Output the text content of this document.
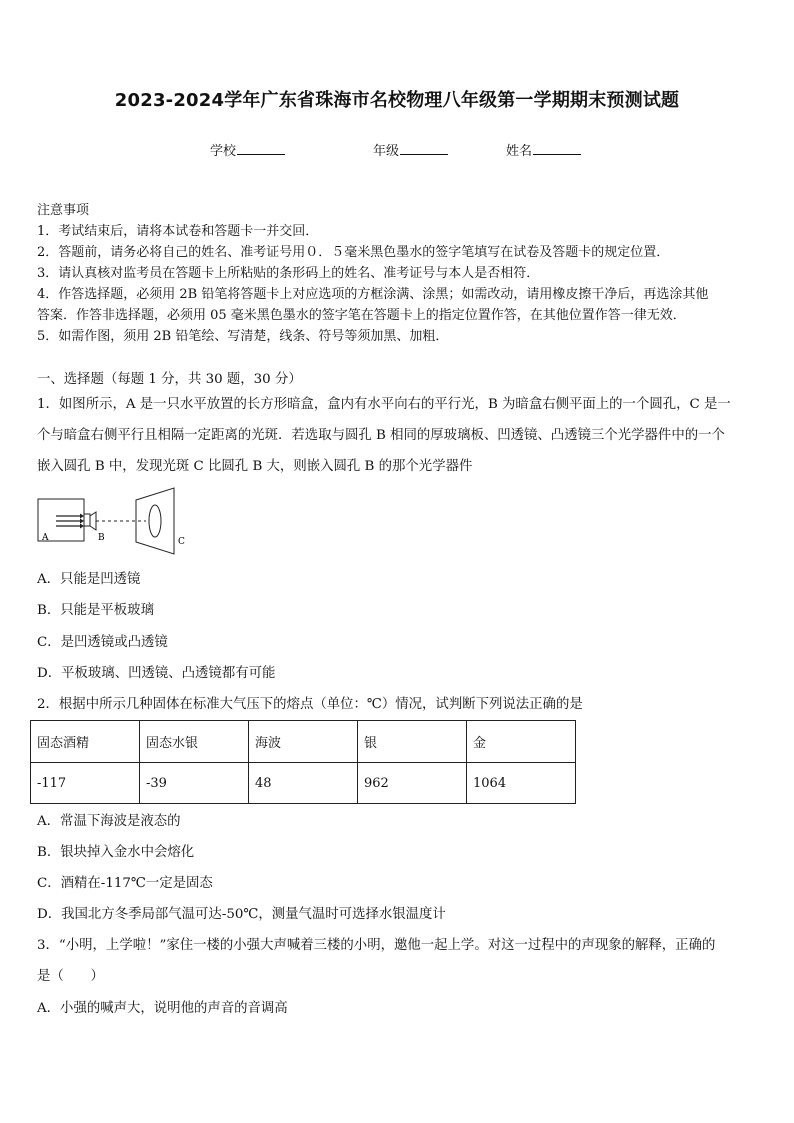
2023-2024学年广东省珠海市名校物理八年级第一学期期末预测试题
学校	年级	姓名
注意事项
1．考试结束后，请将本试卷和答题卡一并交回．
2．答题前，请务必将自己的姓名、准考证号用０．５毫米黑色墨水的签字笔填写在试卷及答题卡的规定位置．
3．请认真核对监考员在答题卡上所粘贴的条形码上的姓名、准考证号与本人是否相符．
4．作答选择题，必须用 2B 铅笔将答题卡上对应选项的方框涂满、涂黑；如需改动，请用橡皮擦干净后，再选涂其他
答案．作答非选择题，必须用 05 毫米黑色墨水的签字笔在答题卡上的指定位置作答，在其他位置作答一律无效．
5．如需作图，须用 2B 铅笔绘、写清楚，线条、符号等须加黑、加粗．
一、选择题（每题 1 分，共 30 题，30 分）
1．如图所示，A 是一只水平放置的长方形暗盒，盒内有水平向右的平行光，B 为暗盒右侧平面上的一个圆孔，C 是一
个与暗盒右侧平行且相隔一定距离的光斑．若选取与圆孔 B 相同的厚玻璃板、凹透镜、凸透镜三个光学器件中的一个
嵌入圆孔 B 中，发现光斑 C 比圆孔 B 大，则嵌入圆孔 B 的那个光学器件
A	B	C
A．只能是凹透镜
B．只能是平板玻璃
C．是凹透镜或凸透镜
D．平板玻璃、凹透镜、凸透镜都有可能
2．根据中所示几种固体在标准大气压下的熔点（单位：℃）情况，试判断下列说法正确的是
固态酒精	固态水银	海波	银	金
-117	-39	48	962	1064
A．常温下海波是液态的
B．银块掉入金水中会熔化
C．酒精在-117℃一定是固态
D．我国北方冬季局部气温可达-50℃，测量气温时可选择水银温度计
3．“小明，上学啦！”家住一楼的小强大声喊着三楼的小明，邀他一起上学。对这一过程中的声现象的解释，正确的
是（　　）
A．小强的喊声大，说明他的声音的音调高
